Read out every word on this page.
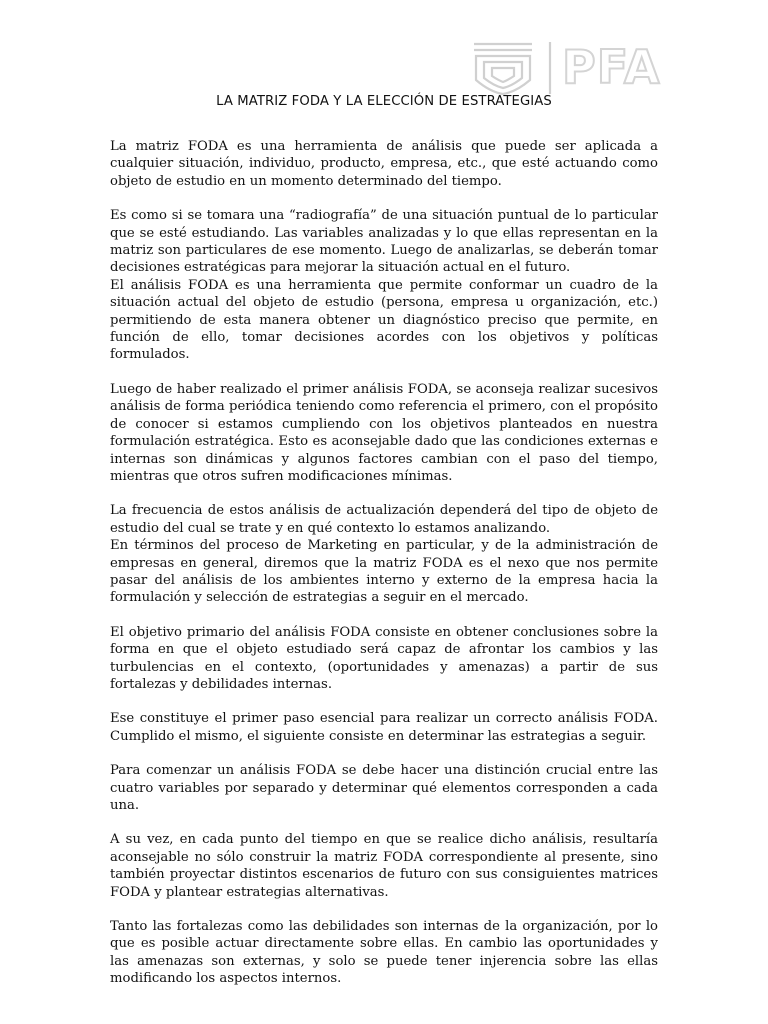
PFA
LA MATRIZ FODA Y LA ELECCIÓN DE ESTRATEGIAS

La matriz FODA es una herramienta de análisis que puede ser aplicada a cualquier situación, individuo, producto, empresa, etc., que esté actuando como objeto de estudio en un momento determinado del tiempo.

Es como si se tomara una “radiografía” de una situación puntual de lo particular que se esté estudiando. Las variables analizadas y lo que ellas representan en la matriz son particulares de ese momento. Luego de analizarlas, se deberán tomar decisiones estratégicas para mejorar la situación actual en el futuro.

El análisis FODA es una herramienta que permite conformar un cuadro de la situación actual del objeto de estudio (persona, empresa u organización, etc.) permitiendo de esta manera obtener un diagnóstico preciso que permite, en función de ello, tomar decisiones acordes con los objetivos y políticas formulados.

Luego de haber realizado el primer análisis FODA, se aconseja realizar sucesivos análisis de forma periódica teniendo como referencia el primero, con el propósito de conocer si estamos cumpliendo con los objetivos planteados en nuestra formulación estratégica. Esto es aconsejable dado que las condiciones externas e internas son dinámicas y algunos factores cambian con el paso del tiempo, mientras que otros sufren modificaciones mínimas.

La frecuencia de estos análisis de actualización dependerá del tipo de objeto de estudio del cual se trate y en qué contexto lo estamos analizando.

En términos del proceso de Marketing en particular, y de la administración de empresas en general, diremos que la matriz FODA es el nexo que nos permite pasar del análisis de los ambientes interno y externo de la empresa hacia la formulación y selección de estrategias a seguir en el mercado.

El objetivo primario del análisis FODA consiste en obtener conclusiones sobre la forma en que el objeto estudiado será capaz de afrontar los cambios y las turbulencias en el contexto, (oportunidades y amenazas) a partir de sus fortalezas y debilidades internas.

Ese constituye el primer paso esencial para realizar un correcto análisis FODA. Cumplido el mismo, el siguiente consiste en determinar las estrategias a seguir.

Para comenzar un análisis FODA se debe hacer una distinción crucial entre las cuatro variables por separado y determinar qué elementos corresponden a cada una.

A su vez, en cada punto del tiempo en que se realice dicho análisis, resultaría aconsejable no sólo construir la matriz FODA correspondiente al presente, sino también proyectar distintos escenarios de futuro con sus consiguientes matrices FODA y plantear estrategias alternativas.

Tanto las fortalezas como las debilidades son internas de la organización, por lo que es posible actuar directamente sobre ellas. En cambio las oportunidades y las amenazas son externas, y solo se puede tener injerencia sobre las ellas modificando los aspectos internos.
